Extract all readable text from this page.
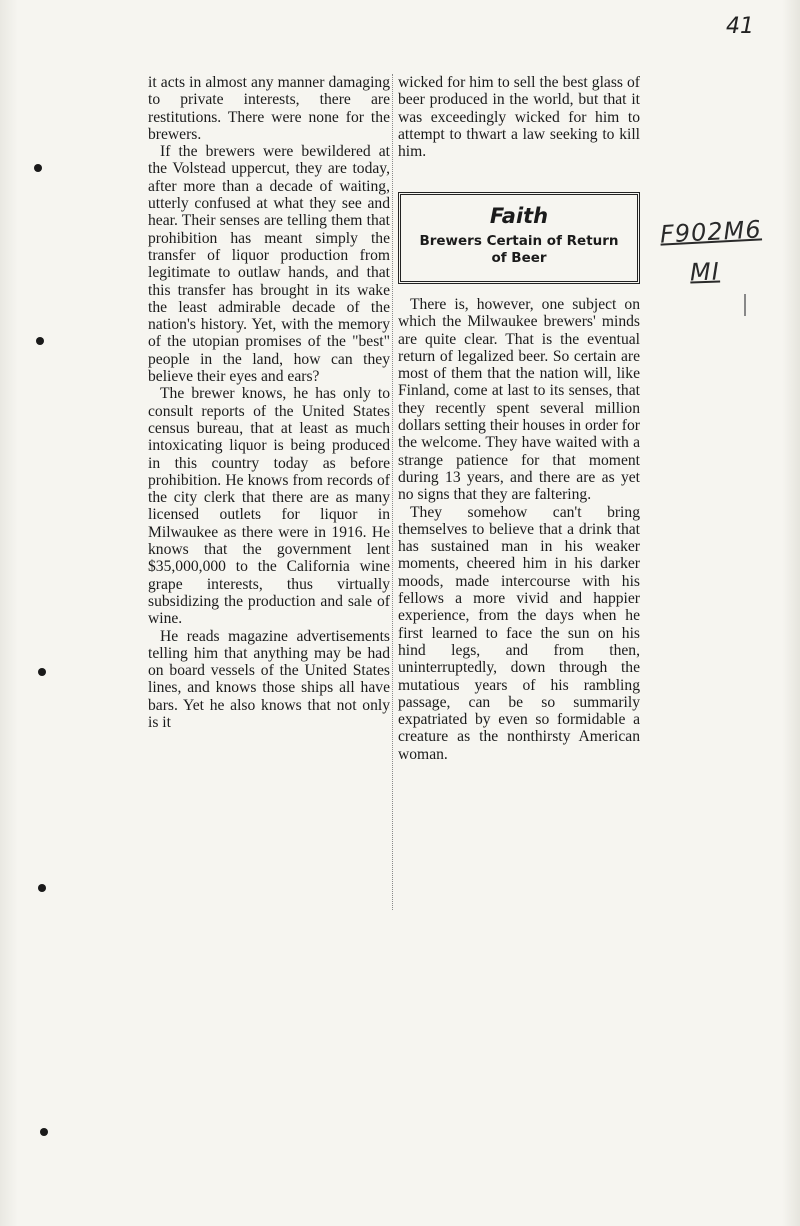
41
F902M6
MI

it acts in almost any manner damaging to private interests, there are restitutions. There were none for the brewers.

If the brewers were bewildered at the Volstead uppercut, they are today, after more than a decade of waiting, utterly confused at what they see and hear. Their senses are telling them that prohibition has meant simply the transfer of liquor production from legitimate to outlaw hands, and that this transfer has brought in its wake the least admirable decade of the nation's history. Yet, with the memory of the utopian promises of the "best" people in the land, how can they believe their eyes and ears?

The brewer knows, he has only to consult reports of the United States census bureau, that at least as much intoxicating liquor is being produced in this country today as before prohibition. He knows from records of the city clerk that there are as many licensed outlets for liquor in Milwaukee as there were in 1916. He knows that the government lent $35,000,000 to the California wine grape interests, thus virtually subsidizing the production and sale of wine.

He reads magazine advertisements telling him that anything may be had on board vessels of the United States lines, and knows those ships all have bars. Yet he also knows that not only is it

wicked for him to sell the best glass of beer produced in the world, but that it was exceedingly wicked for him to attempt to thwart a law seeking to kill him.

Faith
Brewers Certain of Return
of Beer

There is, however, one subject on which the Milwaukee brewers' minds are quite clear. That is the eventual return of legalized beer. So certain are most of them that the nation will, like Finland, come at last to its senses, that they recently spent several million dollars setting their houses in order for the welcome. They have waited with a strange patience for that moment during 13 years, and there are as yet no signs that they are faltering.

They somehow can't bring themselves to believe that a drink that has sustained man in his weaker moments, cheered him in his darker moods, made intercourse with his fellows a more vivid and happier experience, from the days when he first learned to face the sun on his hind legs, and from then, uninterruptedly, down through the mutatious years of his rambling passage, can be so summarily expatriated by even so formidable a creature as the nonthirsty American woman.
